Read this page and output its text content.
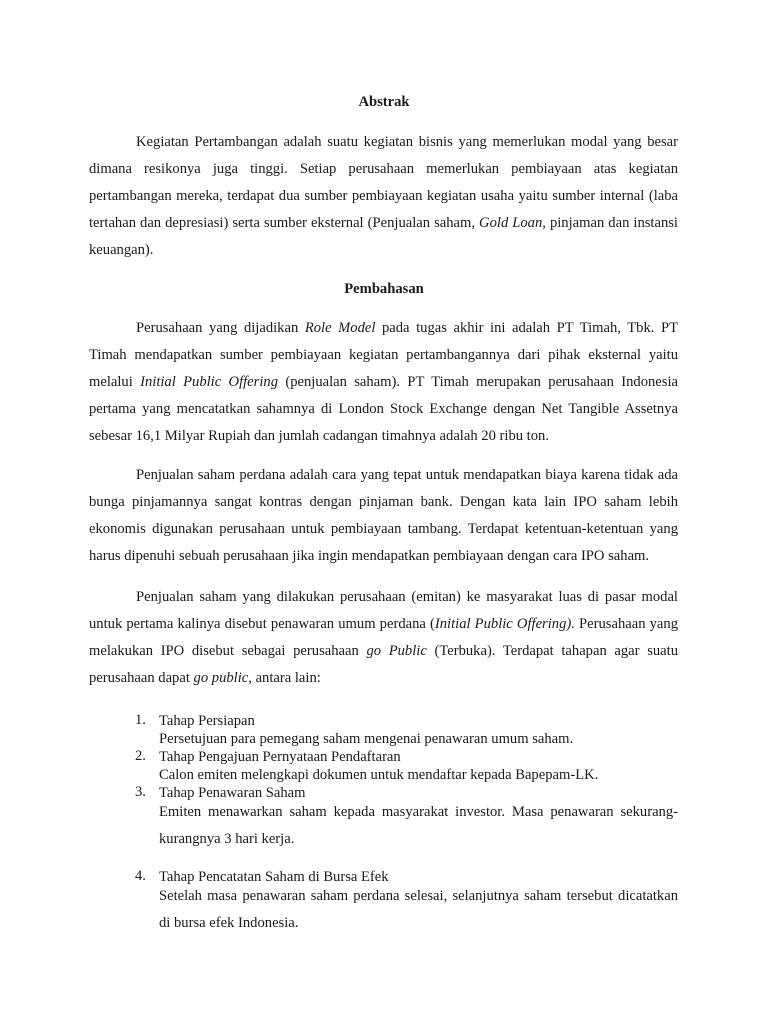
Abstrak

Kegiatan Pertambangan adalah suatu kegiatan bisnis yang memerlukan modal yang besar dimana resikonya juga tinggi. Setiap perusahaan memerlukan pembiayaan atas kegiatan pertambangan mereka, terdapat dua sumber pembiayaan kegiatan usaha yaitu sumber internal (laba tertahan dan depresiasi) serta sumber eksternal (Penjualan saham, Gold Loan, pinjaman dan instansi keuangan).

Pembahasan

Perusahaan yang dijadikan Role Model pada tugas akhir ini adalah PT Timah, Tbk. PT Timah mendapatkan sumber pembiayaan kegiatan pertambangannya dari pihak eksternal yaitu melalui Initial Public Offering (penjualan saham). PT Timah merupakan perusahaan Indonesia pertama yang mencatatkan sahamnya di London Stock Exchange dengan Net Tangible Assetnya sebesar 16,1 Milyar Rupiah dan jumlah cadangan timahnya adalah 20 ribu ton.

Penjualan saham perdana adalah cara yang tepat untuk mendapatkan biaya karena tidak ada bunga pinjamannya sangat kontras dengan pinjaman bank. Dengan kata lain IPO saham lebih ekonomis digunakan perusahaan untuk pembiayaan tambang. Terdapat ketentuan-ketentuan yang harus dipenuhi sebuah perusahaan jika ingin mendapatkan pembiayaan dengan cara IPO saham.

Penjualan saham yang dilakukan perusahaan (emitan) ke masyarakat luas di pasar modal untuk pertama kalinya disebut penawaran umum perdana (Initial Public Offering). Perusahaan yang melakukan IPO disebut sebagai perusahaan go Public (Terbuka). Terdapat tahapan agar suatu perusahaan dapat go public, antara lain:

1. Tahap Persiapan
Persetujuan para pemegang saham mengenai penawaran umum saham.
2. Tahap Pengajuan Pernyataan Pendaftaran
Calon emiten melengkapi dokumen untuk mendaftar kepada Bapepam-LK.
3. Tahap Penawaran Saham
Emiten menawarkan saham kepada masyarakat investor. Masa penawaran sekurang-kurangnya 3 hari kerja.
4. Tahap Pencatatan Saham di Bursa Efek
Setelah masa penawaran saham perdana selesai, selanjutnya saham tersebut dicatatkan di bursa efek Indonesia.
